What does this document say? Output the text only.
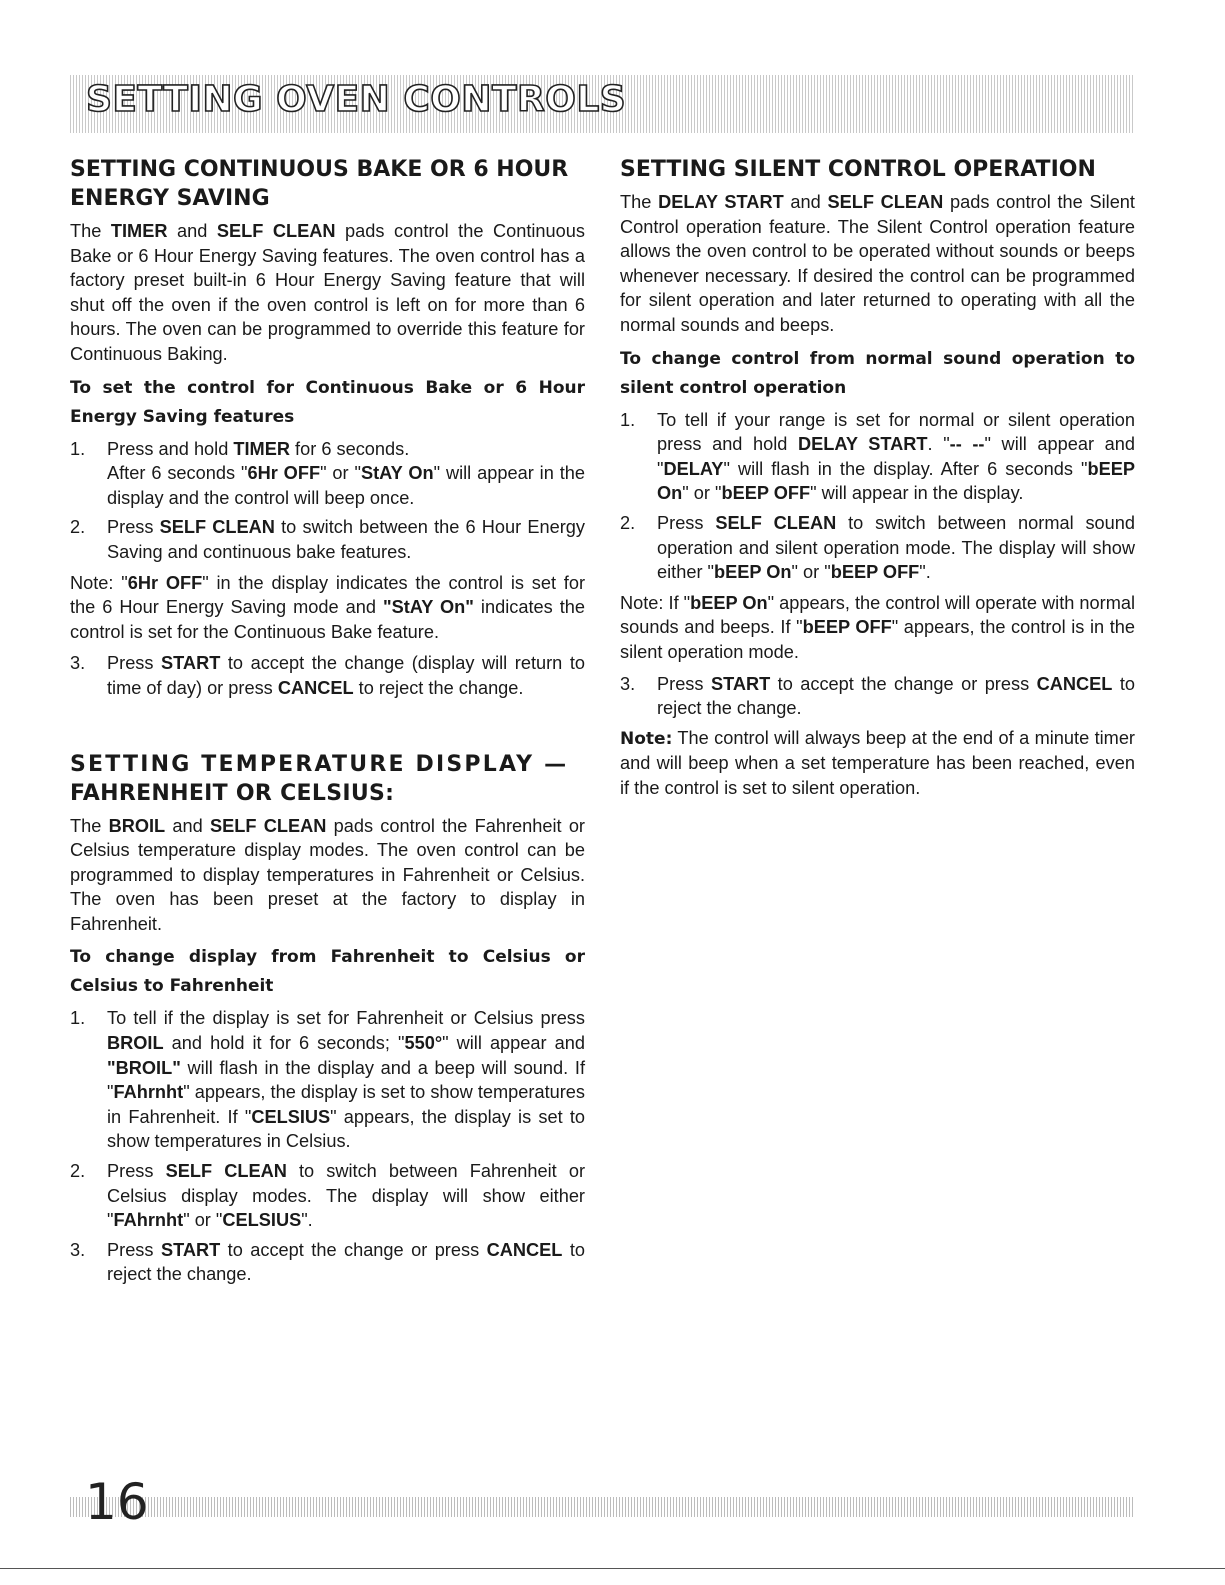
SETTING OVEN CONTROLS
SETTING CONTINUOUS BAKE OR 6 HOUR ENERGY SAVING

The TIMER and SELF CLEAN pads control the Continuous Bake or 6 Hour Energy Saving features. The oven control has a factory preset built-in 6 Hour Energy Saving feature that will shut off the oven if the oven control is left on for more than 6 hours. The oven can be programmed to override this feature for Continuous Baking.

To set the control for Continuous Bake or 6 Hour Energy Saving features
1. Press and hold TIMER for 6 seconds.
After 6 seconds "6Hr OFF" or "StAY On" will appear in the display and the control will beep once.
2. Press SELF CLEAN to switch between the 6 Hour Energy Saving and continuous bake features.

Note: "6Hr OFF" in the display indicates the control is set for the 6 Hour Energy Saving mode and "StAY On" indicates the control is set for the Continuous Bake feature.

3. Press START to accept the change (display will return to time of day) or press CANCEL to reject the change.
SETTING TEMPERATURE DISPLAY —
FAHRENHEIT OR CELSIUS:

The BROIL and SELF CLEAN pads control the Fahrenheit or Celsius temperature display modes. The oven control can be programmed to display temperatures in Fahrenheit or Celsius. The oven has been preset at the factory to display in Fahrenheit.

To change display from Fahrenheit to Celsius or Celsius to Fahrenheit
1. To tell if the display is set for Fahrenheit or Celsius press BROIL and hold it for 6 seconds; "550°" will appear and "BROIL" will flash in the display and a beep will sound. If "FAhrnht" appears, the display is set to show temperatures in Fahrenheit. If "CELSIUS" appears, the display is set to show temperatures in Celsius.
2. Press SELF CLEAN to switch between Fahrenheit or Celsius display modes. The display will show either "FAhrnht" or "CELSIUS".
3. Press START to accept the change or press CANCEL to reject the change.
SETTING SILENT CONTROL OPERATION

The DELAY START and SELF CLEAN pads control the Silent Control operation feature. The Silent Control operation feature allows the oven control to be operated without sounds or beeps whenever necessary. If desired the control can be programmed for silent operation and later returned to operating with all the normal sounds and beeps.

To change control from normal sound operation to silent control operation
1. To tell if your range is set for normal or silent operation press and hold DELAY START. "-- --" will appear and "DELAY" will flash in the display. After 6 seconds "bEEP On" or "bEEP OFF" will appear in the display.
2. Press SELF CLEAN to switch between normal sound operation and silent operation mode. The display will show either "bEEP On" or "bEEP OFF".

Note: If "bEEP On" appears, the control will operate with normal sounds and beeps. If "bEEP OFF" appears, the control is in the silent operation mode.

3. Press START to accept the change or press CANCEL to reject the change.

Note: The control will always beep at the end of a minute timer and will beep when a set temperature has been reached, even if the control is set to silent operation.

16
